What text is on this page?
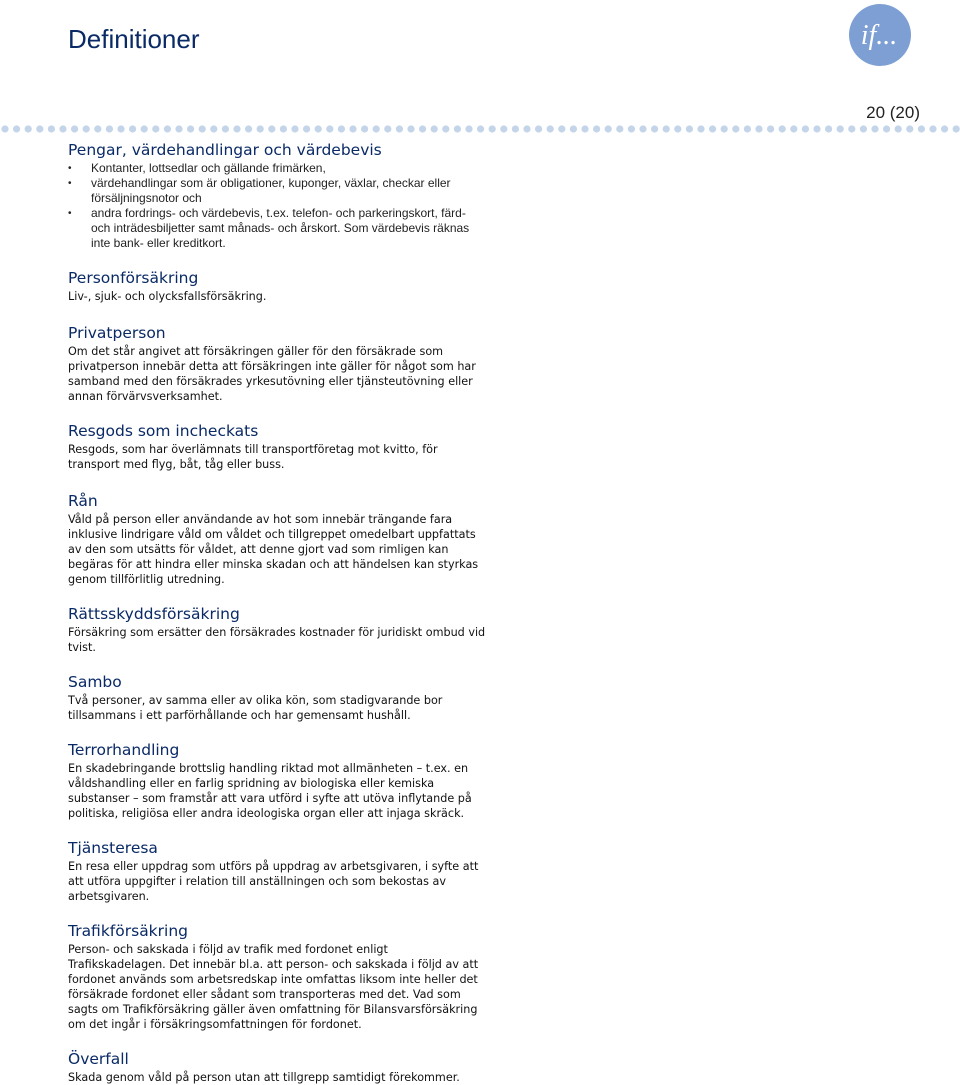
Definitioner	if...
20 (20)
Pengar, värdehandlingar och värdebevis
• Kontanter, lottsedlar och gällande frimärken,
• värdehandlingar som är obligationer, kuponger, växlar, checkar eller försäljningsnotor och
• andra fordrings- och värdebevis, t.ex. telefon- och parkeringskort, färd- och inträdesbiljetter samt månads- och årskort. Som värdebevis räknas inte bank- eller kreditkort.
Personförsäkring

Liv-, sjuk- och olycksfallsförsäkring.

Privatperson

Om det står angivet att försäkringen gäller för den försäkrade som privatperson innebär detta att försäkringen inte gäller för något som har samband med den försäkrades yrkesutövning eller tjänsteutövning eller annan förvärvsverksamhet.

Resgods som incheckats

Resgods, som har överlämnats till transportföretag mot kvitto, för transport med flyg, båt, tåg eller buss.

Rån

Våld på person eller användande av hot som innebär trängande fara inklusive lindrigare våld om våldet och tillgreppet omedelbart uppfattats av den som utsätts för våldet, att denne gjort vad som rimligen kan begäras för att hindra eller minska skadan och att händelsen kan styrkas genom tillförlitlig utredning.

Rättsskyddsförsäkring

Försäkring som ersätter den försäkrades kostnader för juridiskt ombud vid tvist.

Sambo

Två personer, av samma eller av olika kön, som stadigvarande bor tillsammans i ett parförhållande och har gemensamt hushåll.

Terrorhandling

En skadebringande brottslig handling riktad mot allmänheten – t.ex. en våldshandling eller en farlig spridning av biologiska eller kemiska substanser – som framstår att vara utförd i syfte att utöva inflytande på politiska, religiösa eller andra ideologiska organ eller att injaga skräck.

Tjänsteresa

En resa eller uppdrag som utförs på uppdrag av arbetsgivaren, i syfte att att utföra uppgifter i relation till anställningen och som bekostas av arbetsgivaren.

Trafikförsäkring

Person- och sakskada i följd av trafik med fordonet enligt Trafikskadelagen. Det innebär bl.a. att person- och sakskada i följd av att fordonet används som arbetsredskap inte omfattas liksom inte heller det försäkrade fordonet eller sådant som transporteras med det. Vad som sagts om Trafikförsäkring gäller även omfattning för Bilansvarsförsäkring om det ingår i försäkringsomfattningen för fordonet.

Överfall

Skada genom våld på person utan att tillgrepp samtidigt förekommer.
